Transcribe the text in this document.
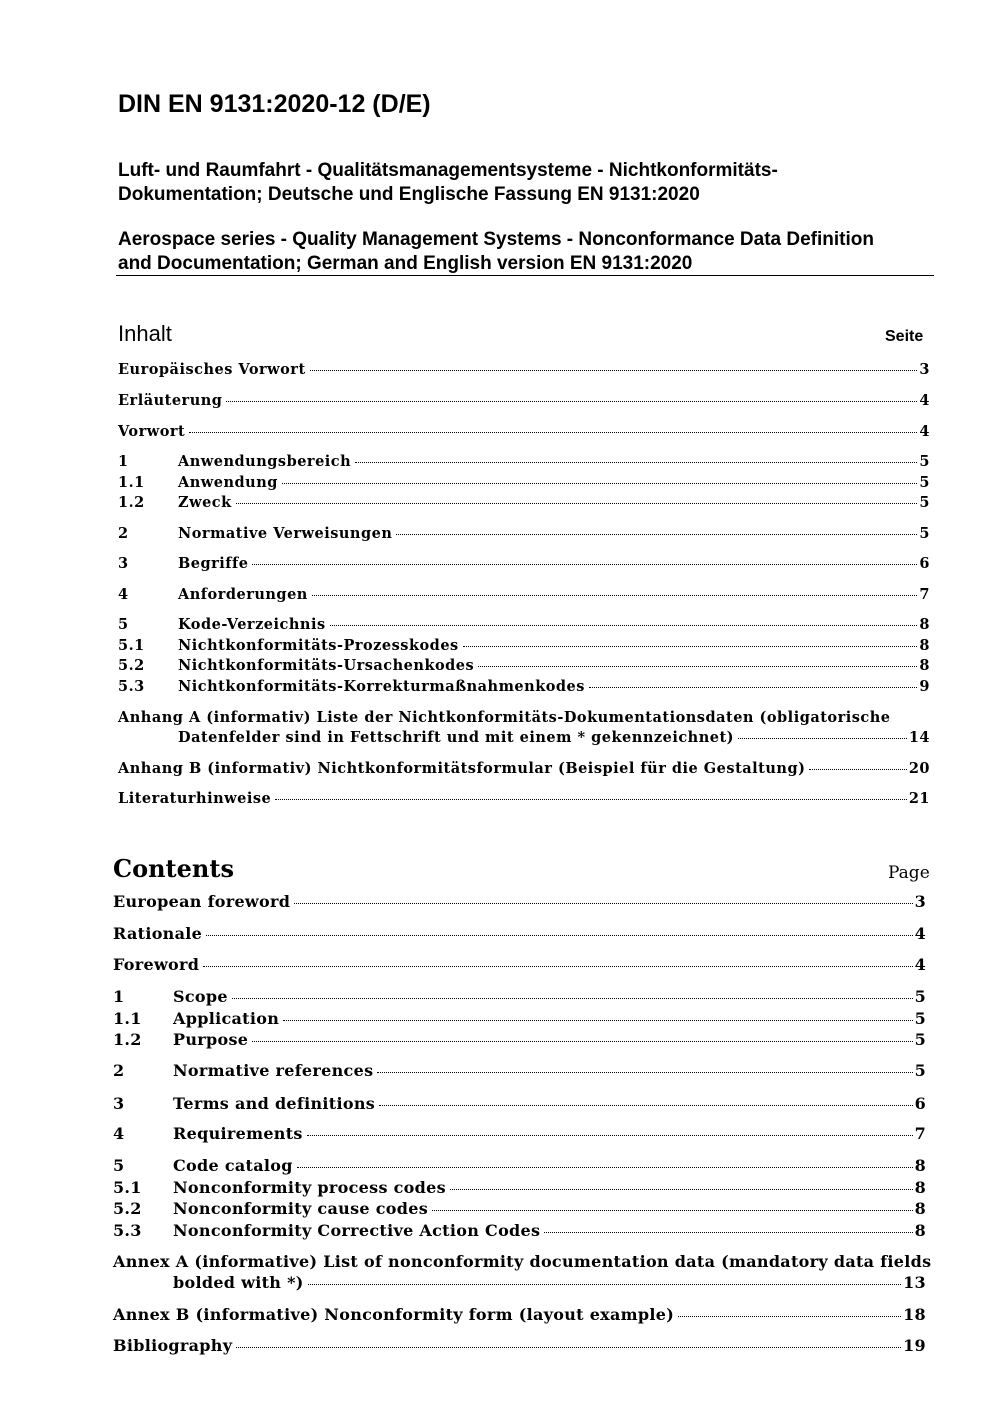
DIN EN 9131:2020-12 (D/E)

Luft- und Raumfahrt - Qualitätsmanagementsysteme - Nichtkonformitäts-
Dokumentation; Deutsche und Englische Fassung EN 9131:2020

Aerospace series - Quality Management Systems - Nonconformance Data Definition
and Documentation; German and English version EN 9131:2020

Inhalt	Seite
Europäisches Vorwort	3
Erläuterung	4
Vorwort	4
1	Anwendungsbereich	5
1.1	Anwendung	5
1.2	Zweck	5
2	Normative Verweisungen	5
3	Begriffe	6
4	Anforderungen	7
5	Kode-Verzeichnis	8
5.1	Nichtkonformitäts-Prozesskodes	8
5.2	Nichtkonformitäts-Ursachenkodes	8
5.3	Nichtkonformitäts-Korrekturmaßnahmenkodes	9
Anhang A (informativ) Liste der Nichtkonformitäts-Dokumentationsdaten (obligatorische
Datenfelder sind in Fettschrift und mit einem * gekennzeichnet)	14
Anhang B (informativ) Nichtkonformitätsformular (Beispiel für die Gestaltung)	20
Literaturhinweise	21
Contents	Page
European foreword	3
Rationale	4
Foreword	4
1	Scope	5
1.1	Application	5
1.2	Purpose	5
2	Normative references	5
3	Terms and definitions	6
4	Requirements	7
5	Code catalog	8
5.1	Nonconformity process codes	8
5.2	Nonconformity cause codes	8
5.3	Nonconformity Corrective Action Codes	8
Annex A (informative) List of nonconformity documentation data (mandatory data fields
bolded with *)	13
Annex B (informative) Nonconformity form (layout example)	18
Bibliography	19
